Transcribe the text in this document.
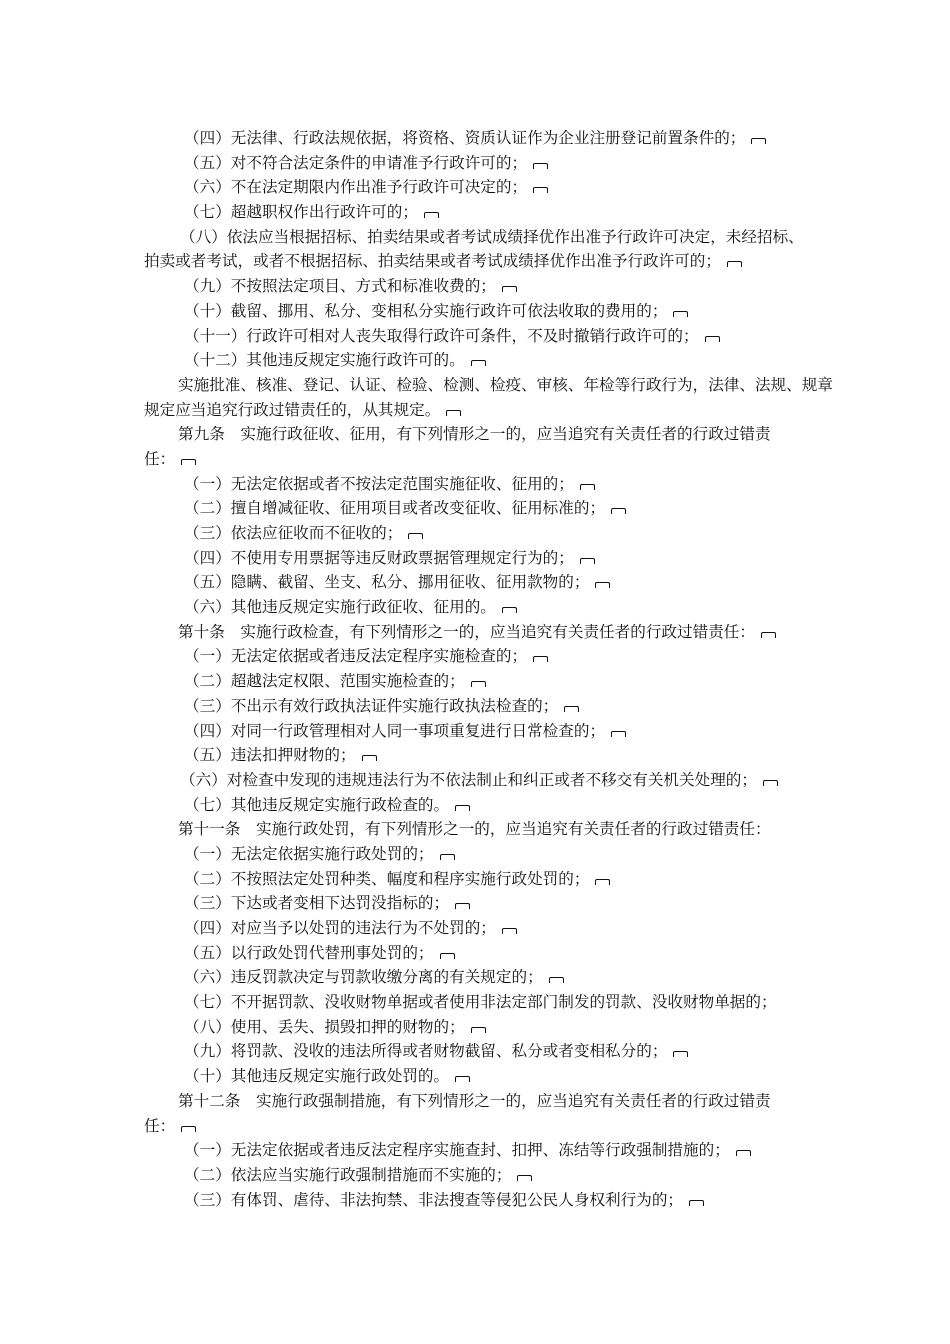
（四）无法律、行政法规依据，将资格、资质认证作为企业注册登记前置条件的；
（五）对不符合法定条件的申请准予行政许可的；
（六）不在法定期限内作出准予行政许可决定的；
（七）超越职权作出行政许可的；
（八）依法应当根据招标、拍卖结果或者考试成绩择优作出准予行政许可决定，未经招标、
拍卖或者考试，或者不根据招标、拍卖结果或者考试成绩择优作出准予行政许可的；
（九）不按照法定项目、方式和标准收费的；
（十）截留、挪用、私分、变相私分实施行政许可依法收取的费用的；
（十一）行政许可相对人丧失取得行政许可条件，不及时撤销行政许可的；
（十二）其他违反规定实施行政许可的。
实施批准、核准、登记、认证、检验、检测、检疫、审核、年检等行政行为，法律、法规、规章
规定应当追究行政过错责任的，从其规定。
第九条　实施行政征收、征用，有下列情形之一的，应当追究有关责任者的行政过错责
任：
（一）无法定依据或者不按法定范围实施征收、征用的；
（二）擅自增减征收、征用项目或者改变征收、征用标准的；
（三）依法应征收而不征收的；
（四）不使用专用票据等违反财政票据管理规定行为的；
（五）隐瞒、截留、坐支、私分、挪用征收、征用款物的；
（六）其他违反规定实施行政征收、征用的。
第十条　实施行政检查，有下列情形之一的，应当追究有关责任者的行政过错责任：
（一）无法定依据或者违反法定程序实施检查的；
（二）超越法定权限、范围实施检查的；
（三）不出示有效行政执法证件实施行政执法检查的；
（四）对同一行政管理相对人同一事项重复进行日常检查的；
（五）违法扣押财物的；
（六）对检查中发现的违规违法行为不依法制止和纠正或者不移交有关机关处理的；
（七）其他违反规定实施行政检查的。
第十一条　实施行政处罚，有下列情形之一的，应当追究有关责任者的行政过错责任：
（一）无法定依据实施行政处罚的；
（二）不按照法定处罚种类、幅度和程序实施行政处罚的；
（三）下达或者变相下达罚没指标的；
（四）对应当予以处罚的违法行为不处罚的；
（五）以行政处罚代替刑事处罚的；
（六）违反罚款决定与罚款收缴分离的有关规定的；
（七）不开据罚款、没收财物单据或者使用非法定部门制发的罚款、没收财物单据的；
（八）使用、丢失、损毁扣押的财物的；
（九）将罚款、没收的违法所得或者财物截留、私分或者变相私分的；
（十）其他违反规定实施行政处罚的。
第十二条　实施行政强制措施，有下列情形之一的，应当追究有关责任者的行政过错责
任：
（一）无法定依据或者违反法定程序实施查封、扣押、冻结等行政强制措施的；
（二）依法应当实施行政强制措施而不实施的；
（三）有体罚、虐待、非法拘禁、非法搜查等侵犯公民人身权利行为的；
